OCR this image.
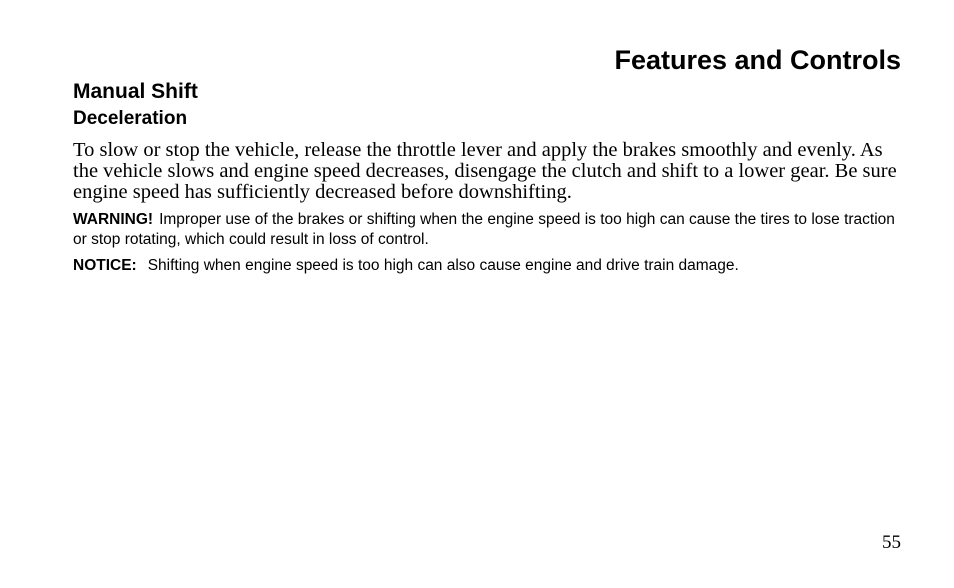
Features and Controls
Manual Shift
Deceleration

To slow or stop the vehicle, release the throttle lever and apply the brakes smoothly and evenly. As the vehicle slows and engine speed decreases, disengage the clutch and shift to a lower gear. Be sure engine speed has sufficiently decreased before downshifting.

WARNING! Improper use of the brakes or shifting when the engine speed is too high can cause the tires to lose traction or stop rotating, which could result in loss of control.

NOTICE: Shifting when engine speed is too high can also cause engine and drive train damage.

55
